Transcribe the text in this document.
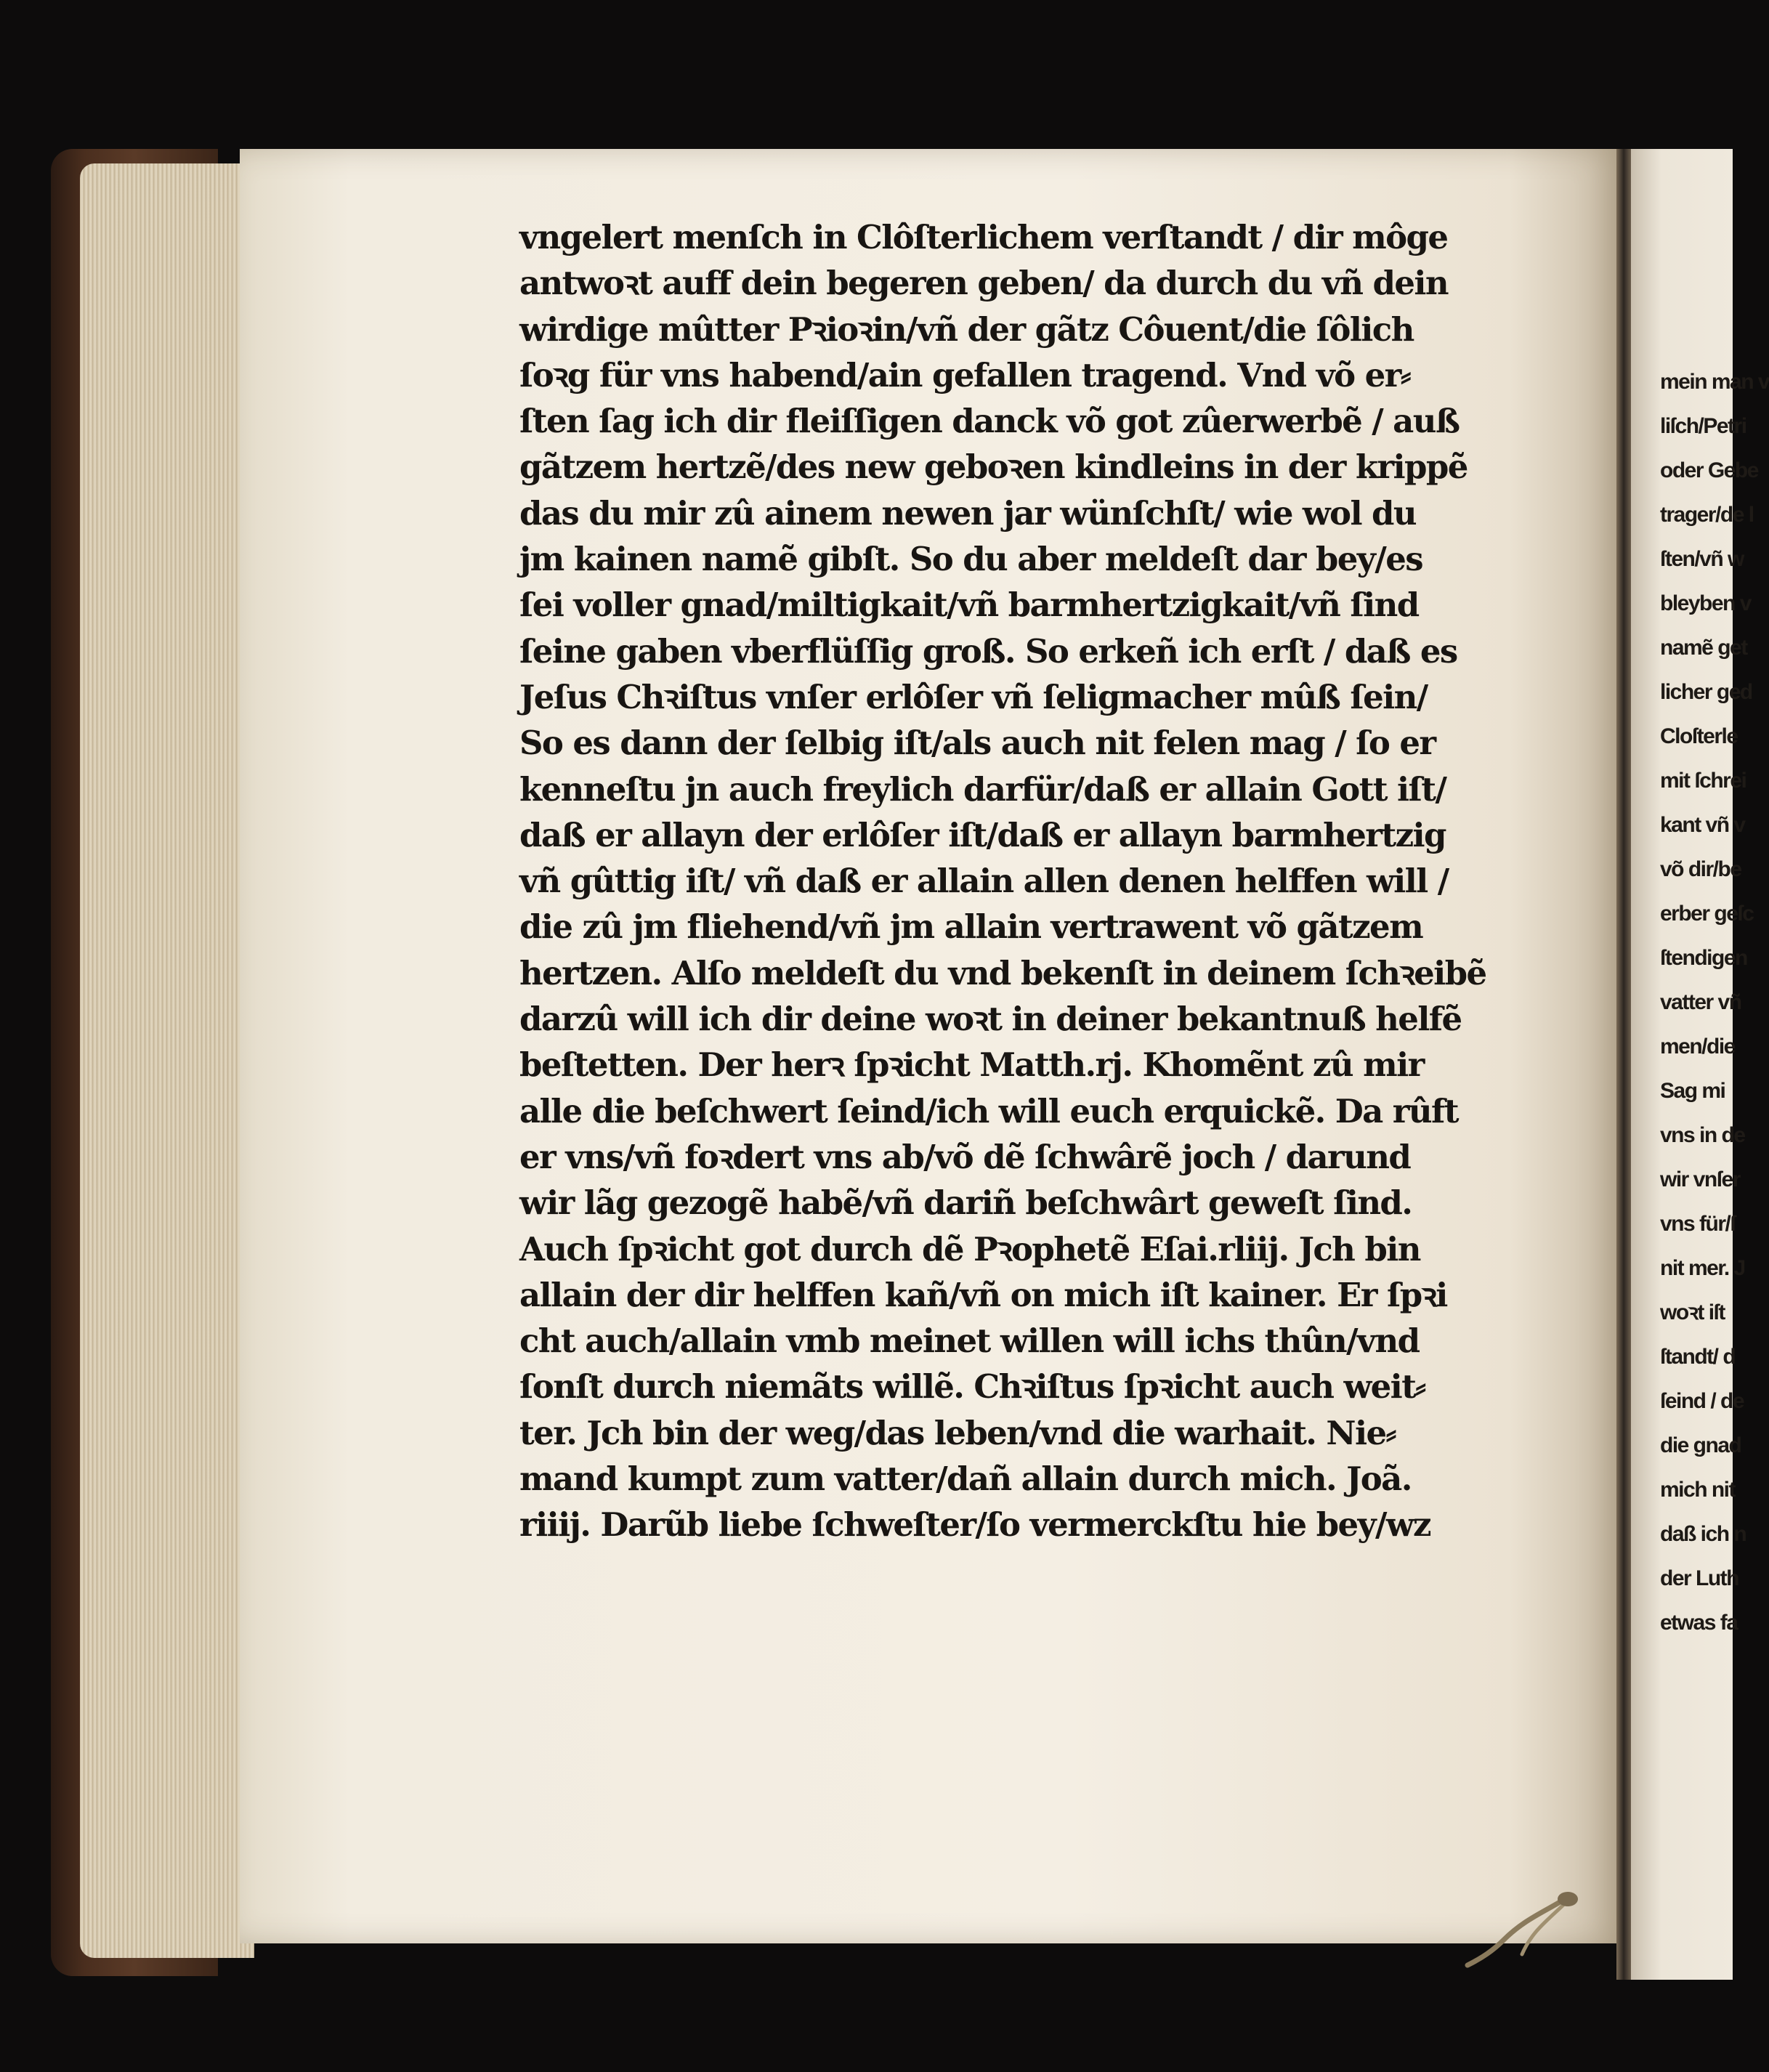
mein man v
liſch/Petri
oder Gebe
trager/de l
ſten/vñ w
bleyben v
namẽ get
licher ged
Cloſterle
mit ſchrei
kant vñ v
võ dir/be
erber geſc
ſtendigen
vatter vñ
men/die
Sag mi
vns in de
wir vnſer
vns für/ſ
nit mer. J
woꝛt iſt
ſtandt/ d
ſeind / de
die gnad
mich nit
daß ich n
der Luth
etwas fa
vngelert menſch in Clôſterlichem verſtandt / dir môge
antwoꝛt auff dein begeren geben/ da durch du vñ dein
wirdige mûtter Pꝛioꝛin/vñ der gãtz Côuent/die ſôlich
ſoꝛg für vns habend/ain gefallen tragend. Vnd võ er⸗
ſten ſag ich dir fleiſſigen danck võ got zûerwerbẽ / auß
gãtzem hertzẽ/des new geboꝛen kindleins in der krippẽ
das du mir zû ainem newen jar wünſchſt/ wie wol du
jm kainen namẽ gibſt. So du aber meldeſt dar bey/es
ſei voller gnad/miltigkait/vñ barmhertzigkait/vñ ſind
ſeine gaben vberflüſſig groß. So erkeñ ich erſt / daß es
Jeſus Chꝛiſtus vnſer erlôſer vñ ſeligmacher mûß ſein/
So es dann der ſelbig iſt/als auch nit felen mag / ſo er
kenneſtu jn auch freylich darfür/daß er allain Gott iſt/
daß er allayn der erlôſer iſt/daß er allayn barmhertzig
vñ gûttig iſt/ vñ daß er allain allen denen helffen will /
die zû jm fliehend/vñ jm allain vertrawent võ gãtzem
hertzen. Alſo meldeſt du vnd bekenſt in deinem ſchꝛeibẽ
darzû will ich dir deine woꝛt in deiner bekantnuß helfẽ
beſtetten. Der herꝛ ſpꝛicht Matth.rj. Khomẽnt zû mir
alle die beſchwert ſeind/ich will euch erquickẽ. Da rûft
er vns/vñ foꝛdert vns ab/võ dẽ ſchwârẽ joch / darund
wir lãg gezogẽ habẽ/vñ dariñ beſchwârt geweſt ſind.
Auch ſpꝛicht got durch dẽ Pꝛophetẽ Eſai.rliij. Jch bin
allain der dir helffen kañ/vñ on mich iſt kainer. Er ſpꝛi
cht auch/allain vmb meinet willen will ichs thûn/vnd
ſonſt durch niemãts willẽ. Chꝛiſtus ſpꝛicht auch weit⸗
ter. Jch bin der weg/das leben/vnd die warhait. Nie⸗
mand kumpt zum vatter/dañ allain durch mich. Joã.
riiij. Darũb liebe ſchweſter/ſo vermerckſtu hie bey/wz
